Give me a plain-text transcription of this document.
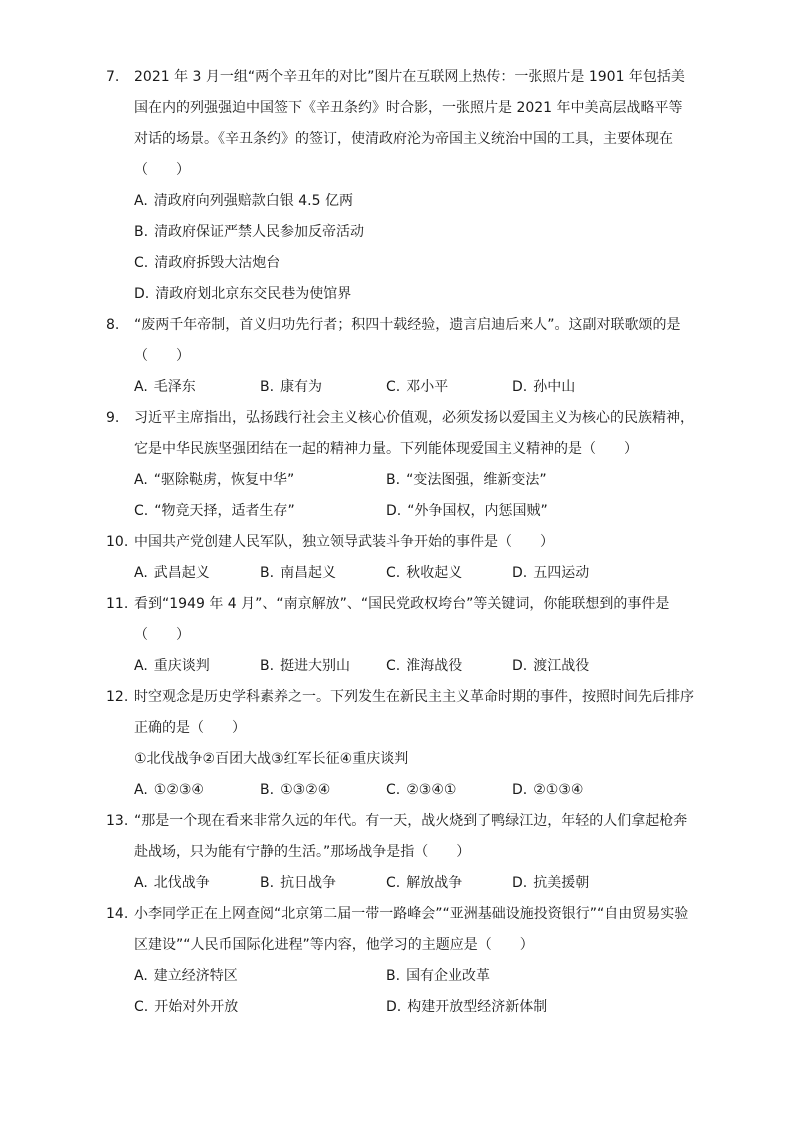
7. 2021 年 3 月一组“两个辛丑年的对比”图片在互联网上热传：一张照片是 1901 年包括美国在内的列强强迫中国签下《辛丑条约》时合影，一张照片是 2021 年中美高层战略平等对话的场景。《辛丑条约》的签订，使清政府沦为帝国主义统治中国的工具，主要体现在（　　）
A. 清政府向列强赔款白银 4.5 亿两
B. 清政府保证严禁人民参加反帝活动
C. 清政府拆毁大沽炮台
D. 清政府划北京东交民巷为使馆界
8. “废两千年帝制，首义归功先行者；积四十载经验，遗言启迪后来人”。这副对联歌颂的是（　　）
A. 毛泽东	B. 康有为	C. 邓小平	D. 孙中山
9. 习近平主席指出，弘扬践行社会主义核心价值观，必须发扬以爱国主义为核心的民族精神，它是中华民族坚强团结在一起的精神力量。下列能体现爱国主义精神的是（　　）
A. “驱除鞑虏，恢复中华”	B. “变法图强，维新变法”
C. “物竞天择，适者生存”	D. “外争国权，内惩国贼”
10. 中国共产党创建人民军队，独立领导武装斗争开始的事件是（　　）
A. 武昌起义	B. 南昌起义	C. 秋收起义	D. 五四运动
11. 看到“1949 年 4 月”、“南京解放”、“国民党政权垮台”等关键词，你能联想到的事件是（　　）
A. 重庆谈判	B. 挺进大别山	C. 淮海战役	D. 渡江战役
12. 时空观念是历史学科素养之一。下列发生在新民主主义革命时期的事件，按照时间先后排序正确的是（　　）
①北伐战争②百团大战③红军长征④重庆谈判
A. ①②③④	B. ①③②④	C. ②③④①	D. ②①③④
13. “那是一个现在看来非常久远的年代。有一天，战火烧到了鸭绿江边，年轻的人们拿起枪奔赴战场，只为能有宁静的生活。”那场战争是指（　　）
A. 北伐战争	B. 抗日战争	C. 解放战争	D. 抗美援朝
14. 小李同学正在上网查阅“北京第二届一带一路峰会”“亚洲基础设施投资银行”“自由贸易实验区建设”“人民币国际化进程”等内容，他学习的主题应是（　　）
A. 建立经济特区	B. 国有企业改革
C. 开始对外开放	D. 构建开放型经济新体制
